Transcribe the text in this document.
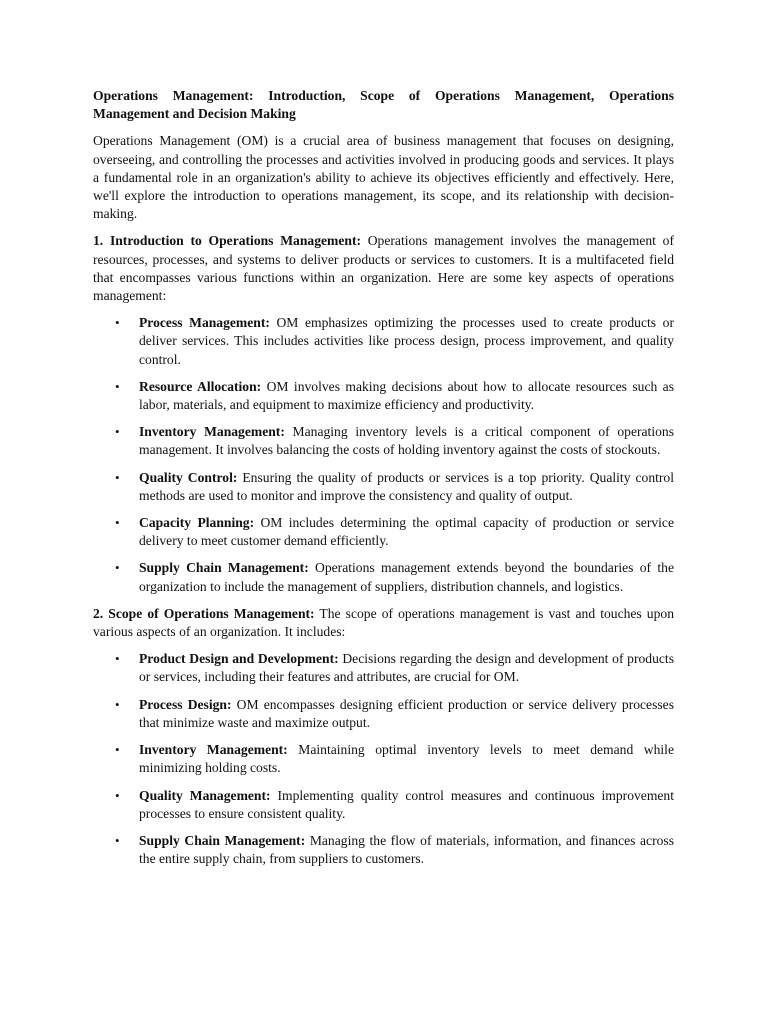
Operations Management: Introduction, Scope of Operations Management, Operations Management and Decision Making

Operations Management (OM) is a crucial area of business management that focuses on designing, overseeing, and controlling the processes and activities involved in producing goods and services. It plays a fundamental role in an organization's ability to achieve its objectives efficiently and effectively. Here, we'll explore the introduction to operations management, its scope, and its relationship with decision-making.

1. Introduction to Operations Management: Operations management involves the management of resources, processes, and systems to deliver products or services to customers. It is a multifaceted field that encompasses various functions within an organization. Here are some key aspects of operations management:

• Process Management: OM emphasizes optimizing the processes used to create products or deliver services. This includes activities like process design, process improvement, and quality control.
• Resource Allocation: OM involves making decisions about how to allocate resources such as labor, materials, and equipment to maximize efficiency and productivity.
• Inventory Management: Managing inventory levels is a critical component of operations management. It involves balancing the costs of holding inventory against the costs of stockouts.
• Quality Control: Ensuring the quality of products or services is a top priority. Quality control methods are used to monitor and improve the consistency and quality of output.
• Capacity Planning: OM includes determining the optimal capacity of production or service delivery to meet customer demand efficiently.
• Supply Chain Management: Operations management extends beyond the boundaries of the organization to include the management of suppliers, distribution channels, and logistics.

2. Scope of Operations Management: The scope of operations management is vast and touches upon various aspects of an organization. It includes:

• Product Design and Development: Decisions regarding the design and development of products or services, including their features and attributes, are crucial for OM.
• Process Design: OM encompasses designing efficient production or service delivery processes that minimize waste and maximize output.
• Inventory Management: Maintaining optimal inventory levels to meet demand while minimizing holding costs.
• Quality Management: Implementing quality control measures and continuous improvement processes to ensure consistent quality.
• Supply Chain Management: Managing the flow of materials, information, and finances across the entire supply chain, from suppliers to customers.
